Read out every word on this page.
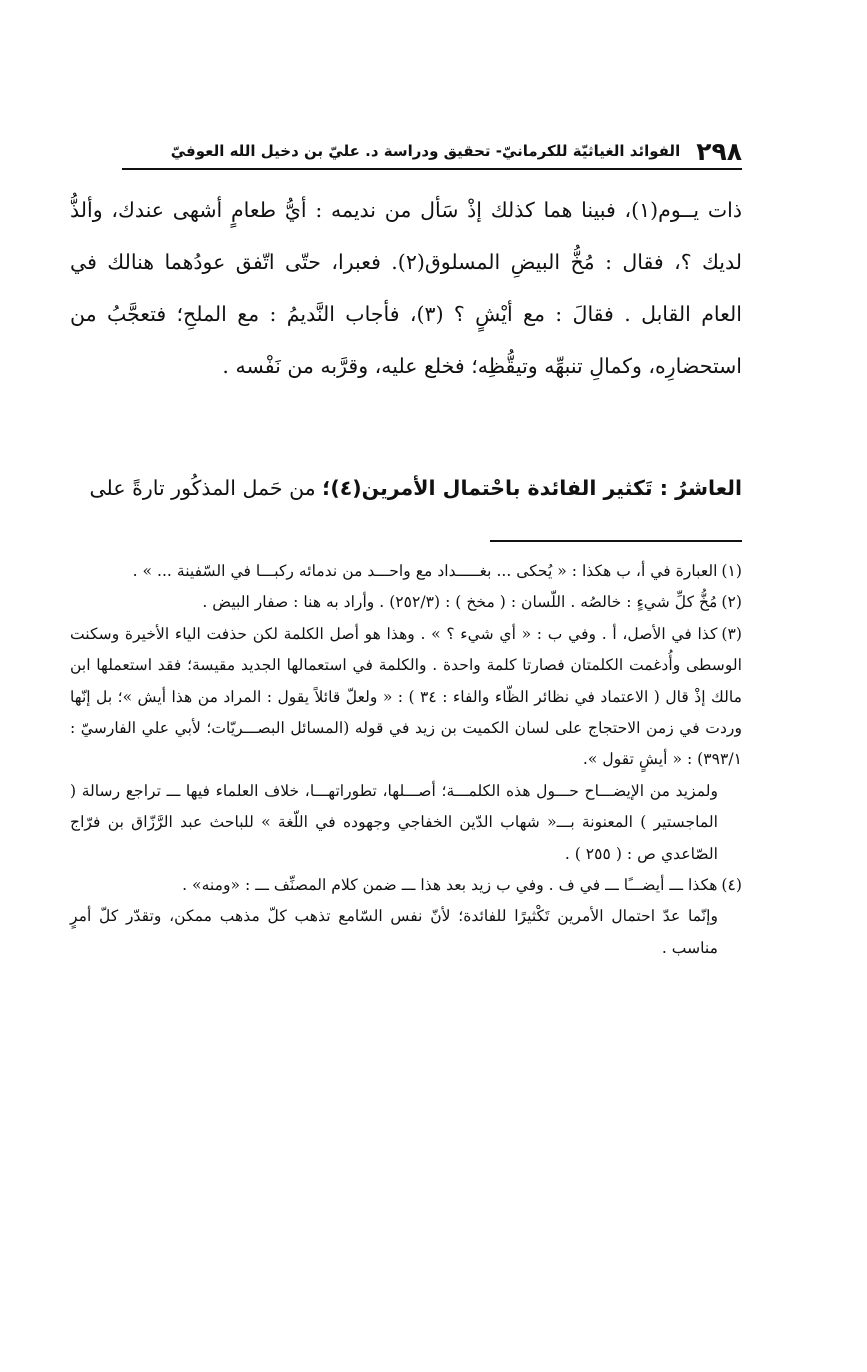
٢٩٨
الفوائد الغياثيّة للكرمانيّ- تحقيق ودراسة د. عليّ بن دخيل الله العوفيّ

ذات يــوم(١)، فبينا هما كذلك إذْ سَأل من نديمه : أيُّ طعامٍ أشهى عندك، وألذُّ لديك ؟، فقال : مُخُّ البيضِ المسلوق(٢). فعبرا، حتّى اتّفق عودُهما هنالك في العام القابل . فقالَ : مع أيْشٍ ؟ (٣)، فأجاب النَّديمُ : مع الملحِ؛ فتعجَّبُ من استحضارِه، وكمالِ تنبهِّه وتيقُّظِه؛ فخلع عليه، وقرَّبه من نَفْسه .

العاشرُ : تَكثير الفائدة باحْتمال الأمرين(٤)؛ من حَمل المذكُور تارةً على

(١)العبارة في أ، ب هكذا : « يُحكى ... بغـــــداد مع واحـــد من ندمائه ركبـــا في السّفينة ... » .

(٢)مُخُّ كلِّ شيءٍ : خالصُه . اللّسان : ( مخخ ) : (٢٥٢/٣) . وأراد به هنا : صفار البيض .

(٣)كذا في الأصل، أ . وفي ب : « أي شيء ؟ » . وهذا هو أصل الكلمة لكن حذفت الياء الأخيرة وسكنت الوسطى وأُدغمت الكلمتان فصارتا كلمة واحدة . والكلمة في استعمالها الجديد مقيسة؛ فقد استعملها ابن مالك إذْ قال ( الاعتماد في نظائر الظّاء والفاء : ٣٤ ) : « ولعلّ قائلاً يقول : المراد من هذا أيش »؛ بل إنّها وردت في زمن الاحتجاج على لسان الكميت بن زيد في قوله (المسائل البصـــريّات؛ لأبي علي الفارسيّ : ٣٩٣/١) : « أيشٍ تقول ».

ولمزيد من الإيضـــاح حـــول هذه الكلمـــة؛ أصـــلها، تطوراتهـــا، خلاف العلماء فيها ـــ تراجع رسالة ( الماجستير ) المعنونة بـــ« شهاب الدّين الخفاجي وجهوده في اللّغة » للباحث عبد الرَّزّاق بن فرّاج الصّاعدي ص : ( ٢٥٥ ) .

(٤)هكذا ـــ أيضـــًا ـــ في ف . وفي ب زيد بعد هذا ـــ ضمن كلام المصنِّف ـــ : «ومنه» .

وإنّما عدّ احتمال الأمرين تَكْثيرًا للفائدة؛ لأنّ نفس السّامع تذهب كلّ مذهب ممكن، وتقدّر كلّ أمرٍ مناسب .
